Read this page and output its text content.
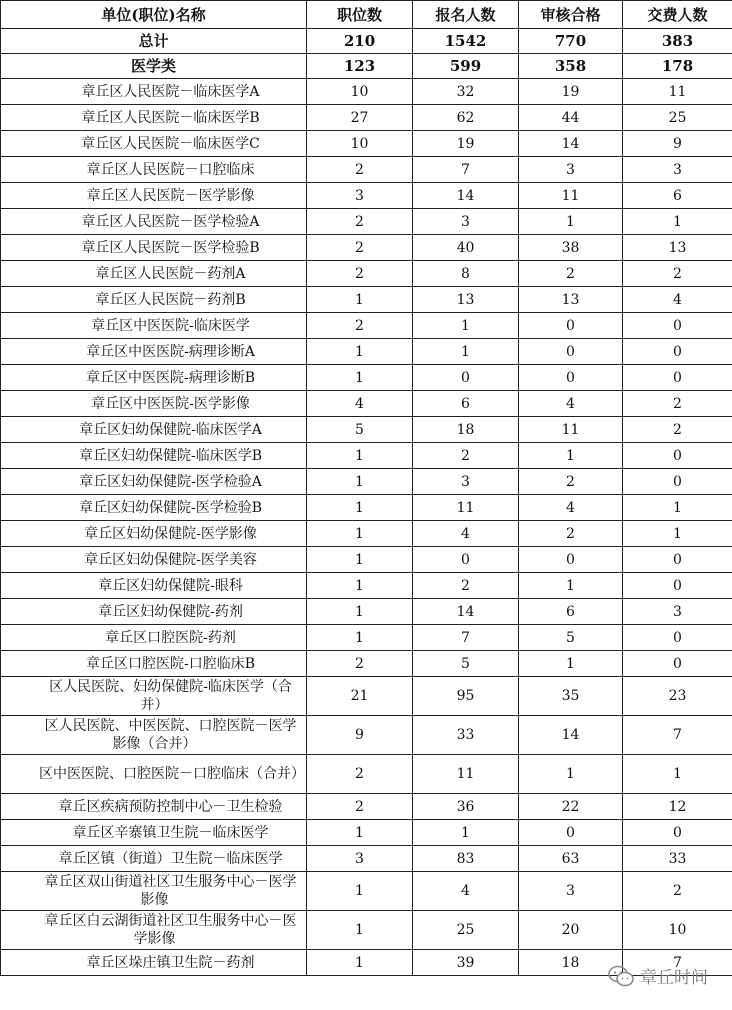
单位(职位)名称	职位数	报名人数	审核合格	交费人数
总计	210	1542	770	383
医学类	123	599	358	178
章丘区人民医院－临床医学A	10	32	19	11
章丘区人民医院－临床医学B	27	62	44	25
章丘区人民医院－临床医学C	10	19	14	9
章丘区人民医院－口腔临床	2	7	3	3
章丘区人民医院－医学影像	3	14	11	6
章丘区人民医院－医学检验A	2	3	1	1
章丘区人民医院－医学检验B	2	40	38	13
章丘区人民医院－药剂A	2	8	2	2
章丘区人民医院－药剂B	1	13	13	4
章丘区中医医院-临床医学	2	1	0	0
章丘区中医医院-病理诊断A	1	1	0	0
章丘区中医医院-病理诊断B	1	0	0	0
章丘区中医医院-医学影像	4	6	4	2
章丘区妇幼保健院-临床医学A	5	18	11	2
章丘区妇幼保健院-临床医学B	1	2	1	0
章丘区妇幼保健院-医学检验A	1	3	2	0
章丘区妇幼保健院-医学检验B	1	11	4	1
章丘区妇幼保健院-医学影像	1	4	2	1
章丘区妇幼保健院-医学美容	1	0	0	0
章丘区妇幼保健院-眼科	1	2	1	0
章丘区妇幼保健院-药剂	1	14	6	3
章丘区口腔医院-药剂	1	7	5	0
章丘区口腔医院-口腔临床B	2	5	1	0
区人民医院、妇幼保健院-临床医学（合并）	21	95	35	23
区人民医院、中医医院、口腔医院－医学影像（合并）	9	33	14	7
区中医医院、口腔医院－口腔临床（合并）	2	11	1	1
章丘区疾病预防控制中心－卫生检验	2	36	22	12
章丘区辛寨镇卫生院－临床医学	1	1	0	0
章丘区镇（街道）卫生院－临床医学	3	83	63	33
章丘区双山街道社区卫生服务中心－医学影像	1	4	3	2
章丘区白云湖街道社区卫生服务中心－医学影像	1	25	20	10
章丘区垛庄镇卫生院－药剂	1	39	18	7
章丘时间
